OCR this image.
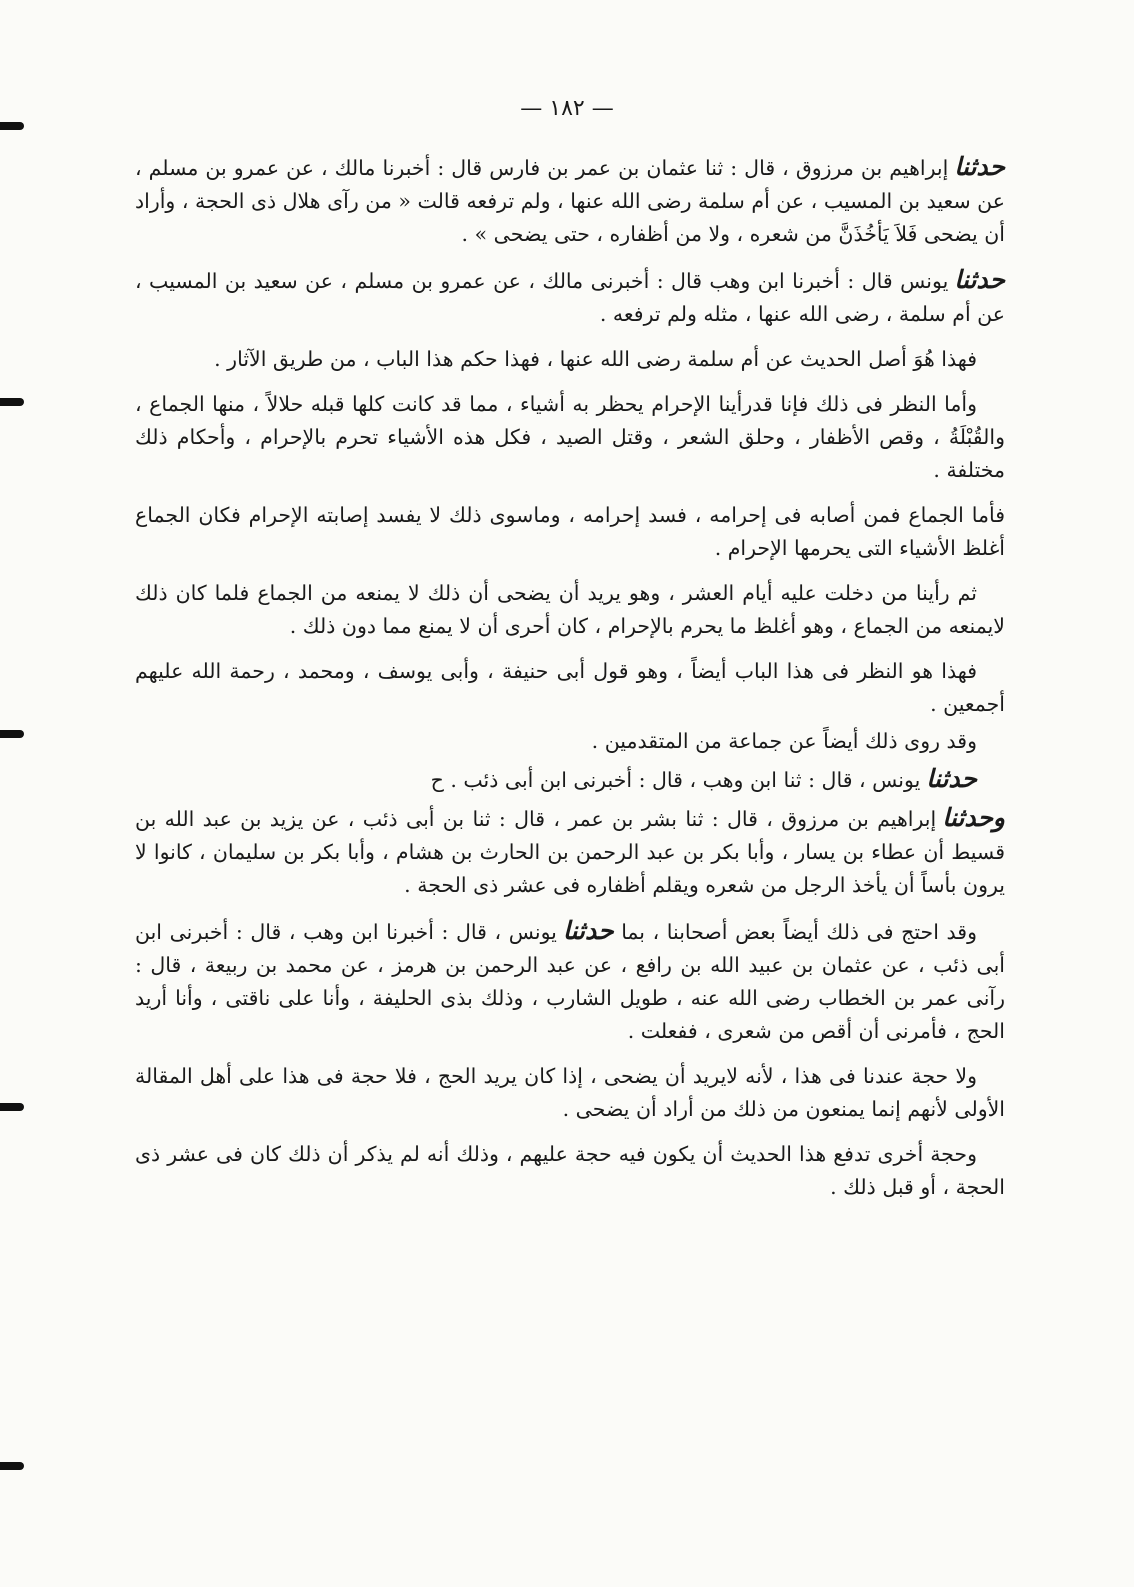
— ١٨٢ —

حدثناإبراهيم بن مرزوق ، قال : ثنا عثمان بن عمر بن فارس قال : أخبرنا مالك ، عن عمرو بن مسلم ، عن سعيد بن المسيب ، عن أم سلمة رضى الله عنها ، ولم ترفعه قالت « من رآى هلال ذى الحجة ، وأراد أن يضحى فَلاَ يَأخُذَنَّ من شعره ، ولا من أظفاره ، حتى يضحى » .

حدثنايونس قال : أخبرنا ابن وهب قال : أخبرنى مالك ، عن عمرو بن مسلم ، عن سعيد بن المسيب ، عن أم سلمة ، رضى الله عنها ، مثله ولم ترفعه .

فهذا هُوَ أصل الحديث عن أم سلمة رضى الله عنها ، فهذا حكم هذا الباب ، من طريق الآثار .

وأما النظر فى ذلك فإنا قدرأينا الإحرام يحظر به أشياء ، مما قد كانت كلها قبله حلالاً ، منها الجماع ، والقُبْلَةُ ، وقص الأظفار ، وحلق الشعر ، وقتل الصيد ، فكل هذه الأشياء تحرم بالإحرام ، وأحكام ذلك مختلفة .

فأما الجماع فمن أصابه فى إحرامه ، فسد إحرامه ، وماسوى ذلك لا يفسد إصابته الإحرام فكان الجماع أغلظ الأشياء التى يحرمها الإحرام .

ثم رأينا من دخلت عليه أيام العشر ، وهو يريد أن يضحى أن ذلك لا يمنعه من الجماع فلما كان ذلك لايمنعه من الجماع ، وهو أغلظ ما يحرم بالإحرام ، كان أحرى أن لا يمنع مما دون ذلك .

فهذا هو النظر فى هذا الباب أيضاً ، وهو قول أبى حنيفة ، وأبى يوسف ، ومحمد ، رحمة الله عليهم أجمعين .

وقد روى ذلك أيضاً عن جماعة من المتقدمين .

حدثنايونس ، قال : ثنا ابن وهب ، قال : أخبرنى ابن أبى ذئب . ح

وحدثناإبراهيم بن مرزوق ، قال : ثنا بشر بن عمر ، قال : ثنا بن أبى ذئب ، عن يزيد بن عبد الله بن قسيط أن عطاء بن يسار ، وأبا بكر بن عبد الرحمن بن الحارث بن هشام ، وأبا بكر بن سليمان ، كانوا لا يرون بأساً أن يأخذ الرجل من شعره ويقلم أظفاره فى عشر ذى الحجة .

وقد احتج فى ذلك أيضاً بعض أصحابنا ، بما حدثنايونس ، قال : أخبرنا ابن وهب ، قال : أخبرنى ابن أبى ذئب ، عن عثمان بن عبيد الله بن رافع ، عن عبد الرحمن بن هرمز ، عن محمد بن ربيعة ، قال : رآنى عمر بن الخطاب رضى الله عنه ، طويل الشارب ، وذلك بذى الحليفة ، وأنا على ناقتى ، وأنا أريد الحج ، فأمرنى أن أقص من شعرى ، ففعلت .

ولا حجة عندنا فى هذا ، لأنه لايريد أن يضحى ، إذا كان يريد الحج ، فلا حجة فى هذا على أهل المقالة الأولى لأنهم إنما يمنعون من ذلك من أراد أن يضحى .

وحجة أخرى تدفع هذا الحديث أن يكون فيه حجة عليهم ، وذلك أنه لم يذكر أن ذلك كان فى عشر ذى الحجة ، أو قبل ذلك .
